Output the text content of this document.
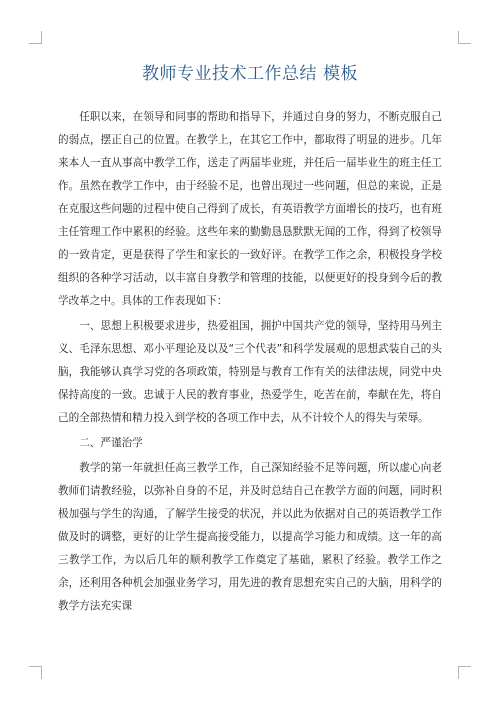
教师专业技术工作总结 模板

任职以来，在领导和同事的帮助和指导下，并通过自身的努力，不断克服自己的弱点，摆正自己的位置。在教学上，在其它工作中，都取得了明显的进步。几年来本人一直从事高中教学工作，送走了两届毕业班，并任后一届毕业生的班主任工作。虽然在教学工作中，由于经验不足，也曾出现过一些问题，但总的来说，正是在克服这些问题的过程中使自己得到了成长，有英语教学方面增长的技巧，也有班主任管理工作中累积的经验。这些年来的勤勤恳恳默默无闻的工作，得到了校领导的一致肯定，更是获得了学生和家长的一致好评。在教学工作之余，积极投身学校组织的各种学习活动，以丰富自身教学和管理的技能，以便更好的投身到今后的教学改革之中。具体的工作表现如下：

一、思想上积极要求进步，热爱祖国，拥护中国共产党的领导，坚持用马列主义、毛泽东思想、邓小平理论及以及“三个代表”和科学发展观的思想武装自己的头脑，我能够认真学习党的各项政策，特别是与教育工作有关的法律法规，同党中央保持高度的一致。忠诚于人民的教育事业，热爱学生，吃苦在前，奉献在先，将自己的全部热情和精力投入到学校的各项工作中去，从不计较个人的得失与荣辱。

二、严谨治学

教学的第一年就担任高三教学工作，自己深知经验不足等问题，所以虚心向老教师们请教经验，以弥补自身的不足，并及时总结自己在教学方面的问题，同时积极加强与学生的沟通，了解学生接受的状况，并以此为依据对自己的英语教学工作做及时的调整，更好的让学生提高接受能力，以提高学习能力和成绩。这一年的高三教学工作，为以后几年的顺利教学工作奠定了基础，累积了经验。教学工作之余，还利用各种机会加强业务学习，用先进的教育思想充实自己的大脑，用科学的教学方法充实课
